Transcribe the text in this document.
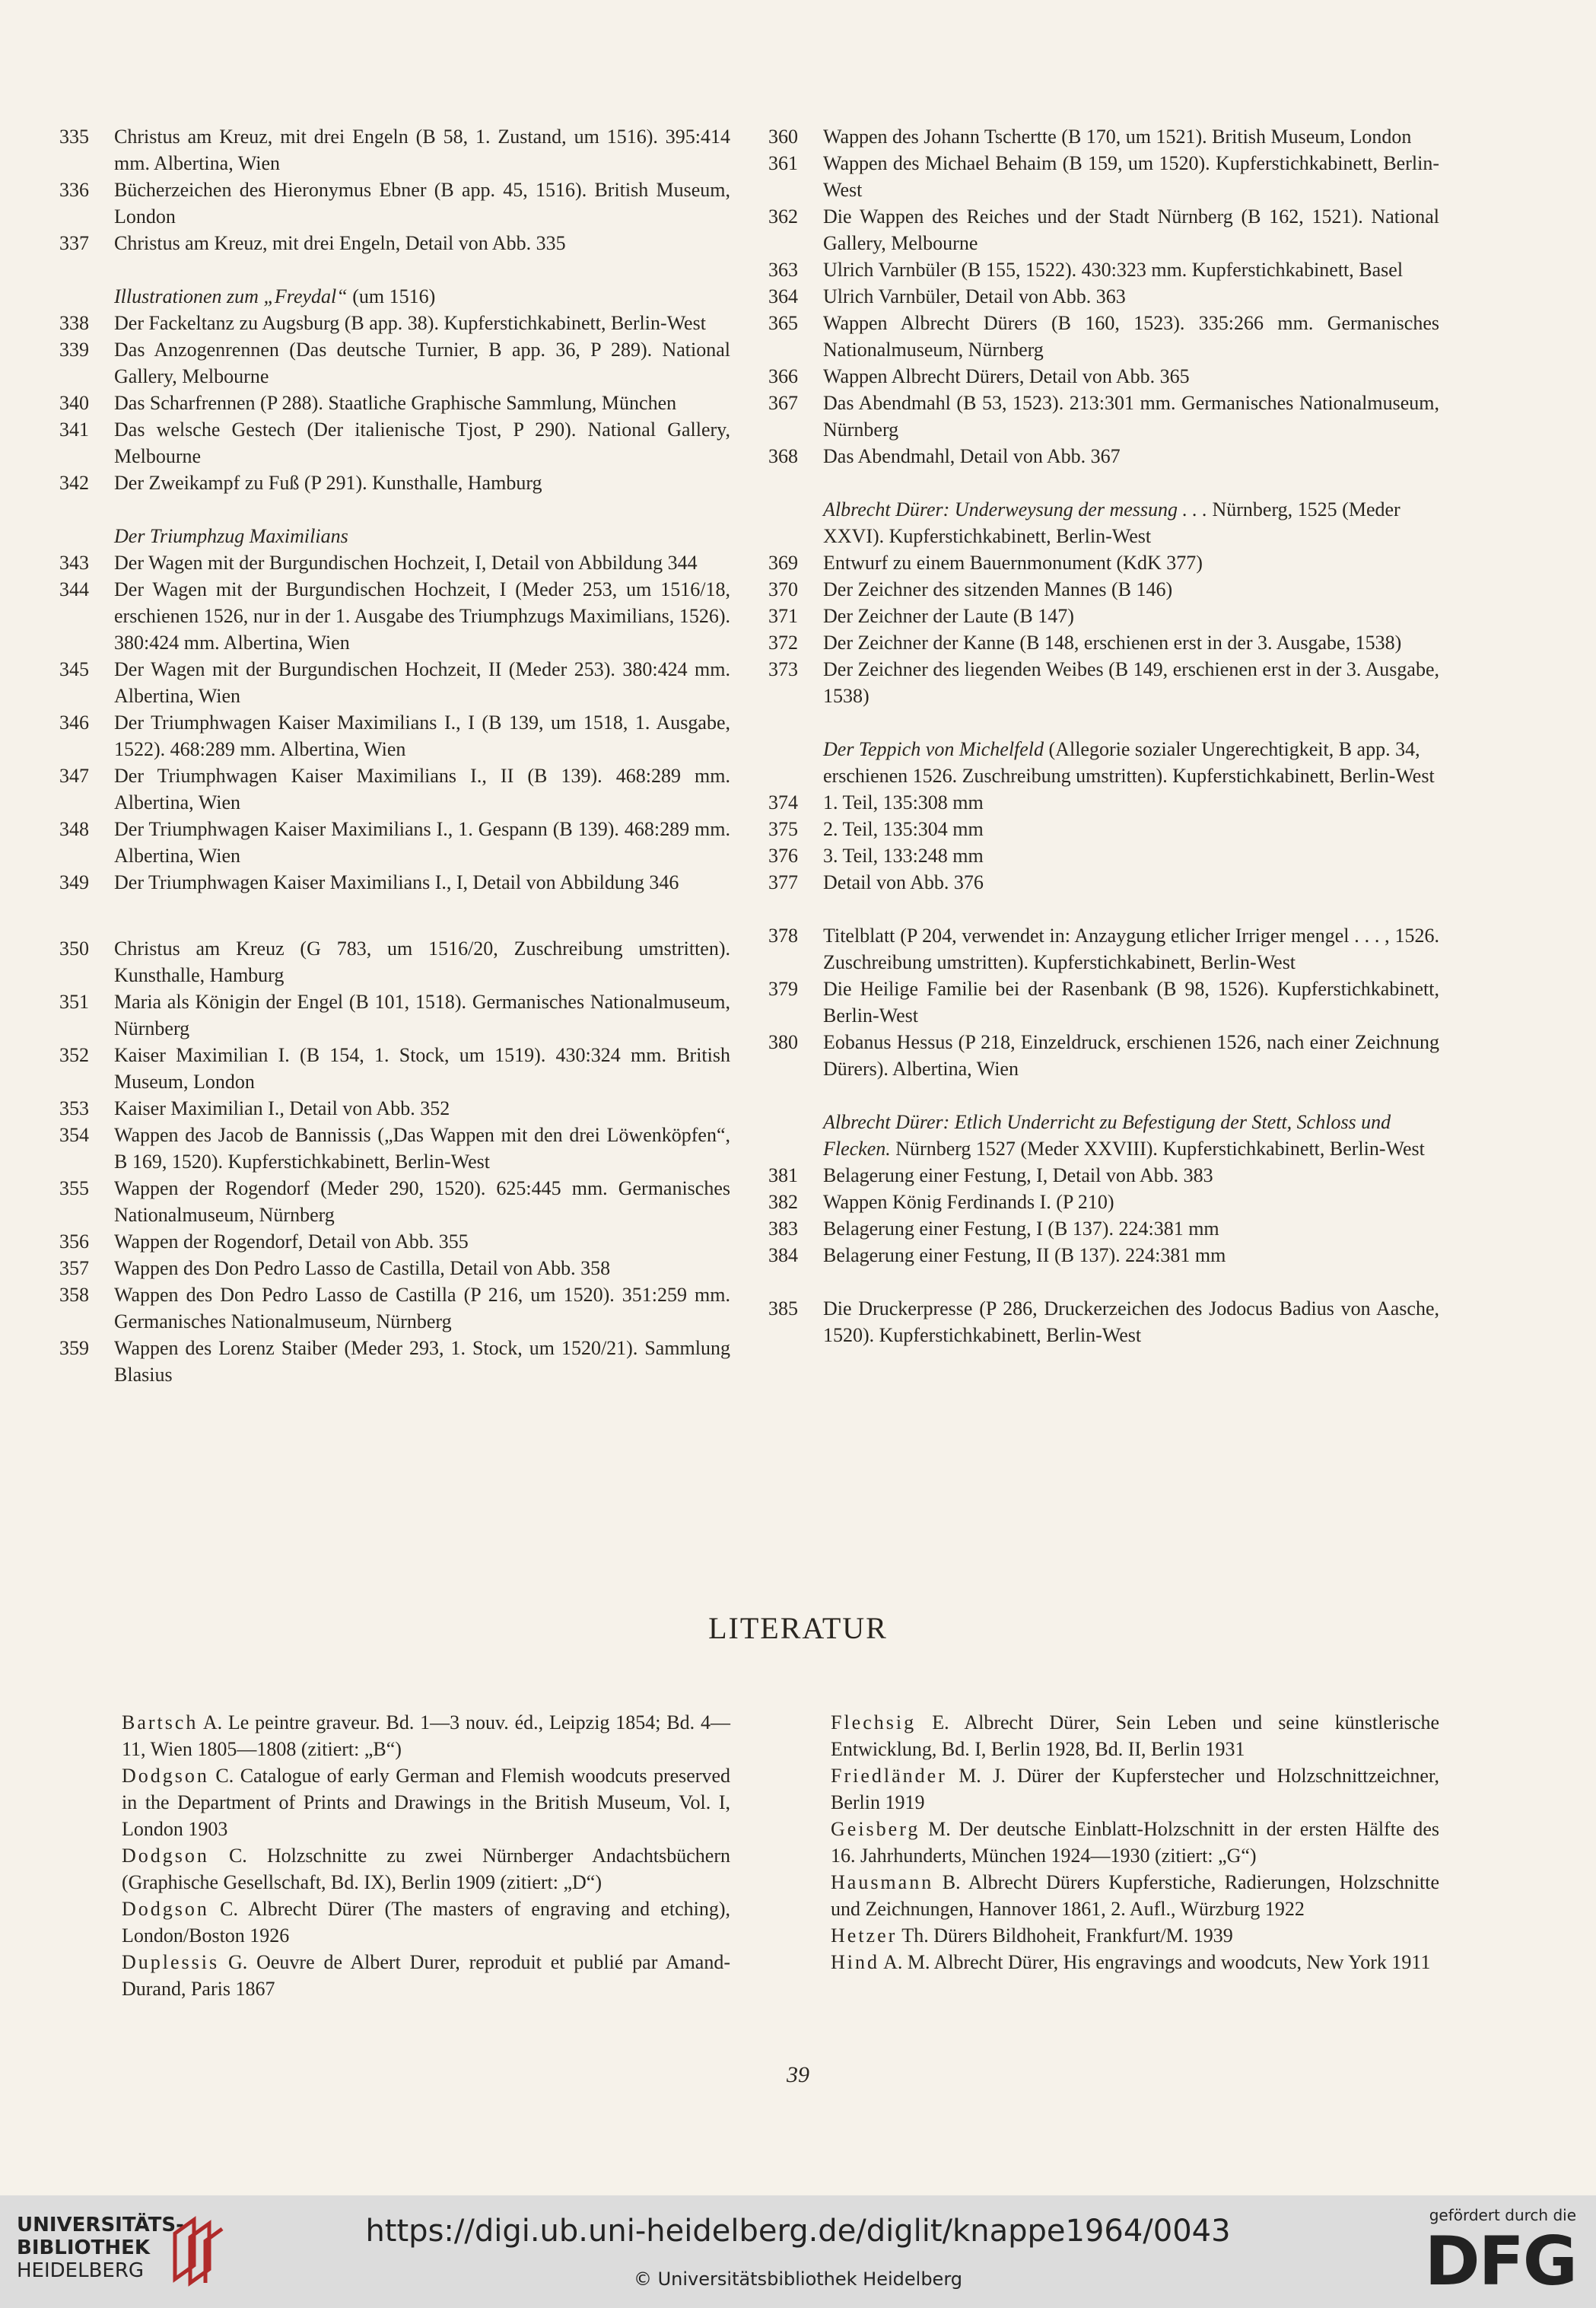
335	Christus am Kreuz, mit drei Engeln (B 58, 1. Zustand, um 1516). 395:414 mm. Albertina, Wien
336	Bücherzeichen des Hieronymus Ebner (B app. 45, 1516). British Museum, London
337	Christus am Kreuz, mit drei Engeln, Detail von Abb. 335
Illustrationen zum „Freydal“ (um 1516)
338	Der Fackeltanz zu Augsburg (B app. 38). Kupferstichkabinett, Berlin-West
339	Das Anzogenrennen (Das deutsche Turnier, B app. 36, P 289). National Gallery, Melbourne
340	Das Scharfrennen (P 288). Staatliche Graphische Sammlung, München
341	Das welsche Gestech (Der italienische Tjost, P 290). National Gallery, Melbourne
342	Der Zweikampf zu Fuß (P 291). Kunsthalle, Hamburg
Der Triumphzug Maximilians
343	Der Wagen mit der Burgundischen Hochzeit, I, Detail von Abbildung 344
344	Der Wagen mit der Burgundischen Hochzeit, I (Meder 253, um 1516/18, erschienen 1526, nur in der 1. Ausgabe des Triumphzugs Maximilians, 1526). 380:424 mm. Albertina, Wien
345	Der Wagen mit der Burgundischen Hochzeit, II (Meder 253). 380:424 mm. Albertina, Wien
346	Der Triumphwagen Kaiser Maximilians I., I (B 139, um 1518, 1. Ausgabe, 1522). 468:289 mm. Albertina, Wien
347	Der Triumphwagen Kaiser Maximilians I., II (B 139). 468:289 mm. Albertina, Wien
348	Der Triumphwagen Kaiser Maximilians I., 1. Gespann (B 139). 468:289 mm. Albertina, Wien
349	Der Triumphwagen Kaiser Maximilians I., I, Detail von Abbildung 346
350	Christus am Kreuz (G 783, um 1516/20, Zuschreibung umstritten). Kunsthalle, Hamburg
351	Maria als Königin der Engel (B 101, 1518). Germanisches Nationalmuseum, Nürnberg
352	Kaiser Maximilian I. (B 154, 1. Stock, um 1519). 430:324 mm. British Museum, London
353	Kaiser Maximilian I., Detail von Abb. 352
354	Wappen des Jacob de Bannissis („Das Wappen mit den drei Löwenköpfen“, B 169, 1520). Kupferstichkabinett, Berlin-West
355	Wappen der Rogendorf (Meder 290, 1520). 625:445 mm. Germanisches Nationalmuseum, Nürnberg
356	Wappen der Rogendorf, Detail von Abb. 355
357	Wappen des Don Pedro Lasso de Castilla, Detail von Abb. 358
358	Wappen des Don Pedro Lasso de Castilla (P 216, um 1520). 351:259 mm. Germanisches Nationalmuseum, Nürnberg
359	Wappen des Lorenz Staiber (Meder 293, 1. Stock, um 1520/21). Sammlung Blasius
360	Wappen des Johann Tschertte (B 170, um 1521). British Museum, London
361	Wappen des Michael Behaim (B 159, um 1520). Kupferstichkabinett, Berlin-West
362	Die Wappen des Reiches und der Stadt Nürnberg (B 162, 1521). National Gallery, Melbourne
363	Ulrich Varnbüler (B 155, 1522). 430:323 mm. Kupferstichkabinett, Basel
364	Ulrich Varnbüler, Detail von Abb. 363
365	Wappen Albrecht Dürers (B 160, 1523). 335:266 mm. Germanisches Nationalmuseum, Nürnberg
366	Wappen Albrecht Dürers, Detail von Abb. 365
367	Das Abendmahl (B 53, 1523). 213:301 mm. Germanisches Nationalmuseum, Nürnberg
368	Das Abendmahl, Detail von Abb. 367
Albrecht Dürer: Underweysung der messung . . . Nürnberg, 1525 (Meder XXVI). Kupferstichkabinett, Berlin-West
369	Entwurf zu einem Bauernmonument (KdK 377)
370	Der Zeichner des sitzenden Mannes (B 146)
371	Der Zeichner der Laute (B 147)
372	Der Zeichner der Kanne (B 148, erschienen erst in der 3. Ausgabe, 1538)
373	Der Zeichner des liegenden Weibes (B 149, erschienen erst in der 3. Ausgabe, 1538)
Der Teppich von Michelfeld (Allegorie sozialer Ungerechtigkeit, B app. 34, erschienen 1526. Zuschreibung umstritten). Kupferstichkabinett, Berlin-West
374	1. Teil, 135:308 mm
375	2. Teil, 135:304 mm
376	3. Teil, 133:248 mm
377	Detail von Abb. 376
378	Titelblatt (P 204, verwendet in: Anzaygung etlicher Irriger mengel . . . , 1526. Zuschreibung umstritten). Kupferstichkabinett, Berlin-West
379	Die Heilige Familie bei der Rasenbank (B 98, 1526). Kupferstichkabinett, Berlin-West
380	Eobanus Hessus (P 218, Einzeldruck, erschienen 1526, nach einer Zeichnung Dürers). Albertina, Wien
Albrecht Dürer: Etlich Underricht zu Befestigung der Stett, Schloss und Flecken. Nürnberg 1527 (Meder XXVIII). Kupferstichkabinett, Berlin-West
381	Belagerung einer Festung, I, Detail von Abb. 383
382	Wappen König Ferdinands I. (P 210)
383	Belagerung einer Festung, I (B 137). 224:381 mm
384	Belagerung einer Festung, II (B 137). 224:381 mm
385	Die Druckerpresse (P 286, Druckerzeichen des Jodocus Badius von Aasche, 1520). Kupferstichkabinett, Berlin-West
LITERATUR

Bartsch A. Le peintre graveur. Bd. 1—3 nouv. éd., Leipzig 1854; Bd. 4—11, Wien 1805—1808 (zitiert: „B“)

Dodgson C. Catalogue of early German and Flemish woodcuts preserved in the Department of Prints and Drawings in the British Museum, Vol. I, London 1903

Dodgson C. Holzschnitte zu zwei Nürnberger Andachtsbüchern (Graphische Gesellschaft, Bd. IX), Berlin 1909 (zitiert: „D“)

Dodgson C. Albrecht Dürer (The masters of engraving and etching), London/Boston 1926

Duplessis G. Oeuvre de Albert Durer, reproduit et publié par Amand-Durand, Paris 1867

Flechsig E. Albrecht Dürer, Sein Leben und seine künstlerische Entwicklung, Bd. I, Berlin 1928, Bd. II, Berlin 1931

Friedländer M. J. Dürer der Kupferstecher und Holzschnittzeichner, Berlin 1919

Geisberg M. Der deutsche Einblatt-Holzschnitt in der ersten Hälfte des 16. Jahrhunderts, München 1924—1930 (zitiert: „G“)

Hausmann B. Albrecht Dürers Kupferstiche, Radierungen, Holzschnitte und Zeichnungen, Hannover 1861, 2. Aufl., Würzburg 1922

Hetzer Th. Dürers Bildhoheit, Frankfurt/M. 1939

Hind A. M. Albrecht Dürer, His engravings and woodcuts, New York 1911

39
UNIVERSITÄTS-
BIBLIOTHEK
HEIDELBERG
https://digi.ub.uni-heidelberg.de/diglit/knappe1964/0043
© Universitätsbibliothek Heidelberg
gefördert durch die
DFG
